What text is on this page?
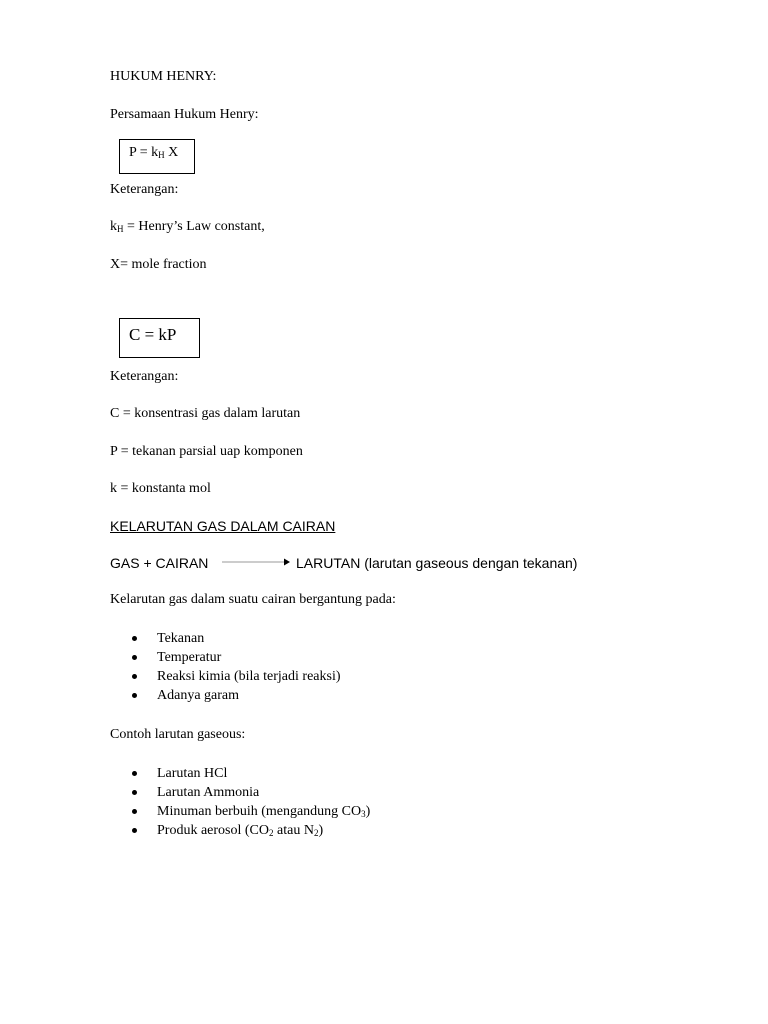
HUKUM HENRY:
Persamaan Hukum Henry:
$P = k_H$ X
Keterangan:
$k_H$ = Henry’s Law constant,
X= mole fraction
C = kP
Keterangan:
C = konsentrasi gas dalam larutan
P = tekanan parsial uap komponen
k = konstanta mol
KELARUTAN GAS DALAM CAIRAN
GAS + CAIRAN	LARUTAN (larutan gaseous dengan tekanan)
Kelarutan gas dalam suatu cairan bergantung pada:
Tekanan
Temperatur
Reaksi kimia (bila terjadi reaksi)
Adanya garam
Contoh larutan gaseous:
Larutan HCl
Larutan Ammonia
Minuman berbuih (mengandung $CO_3$)
Produk aerosol ($CO_2$ atau $N_2$)
